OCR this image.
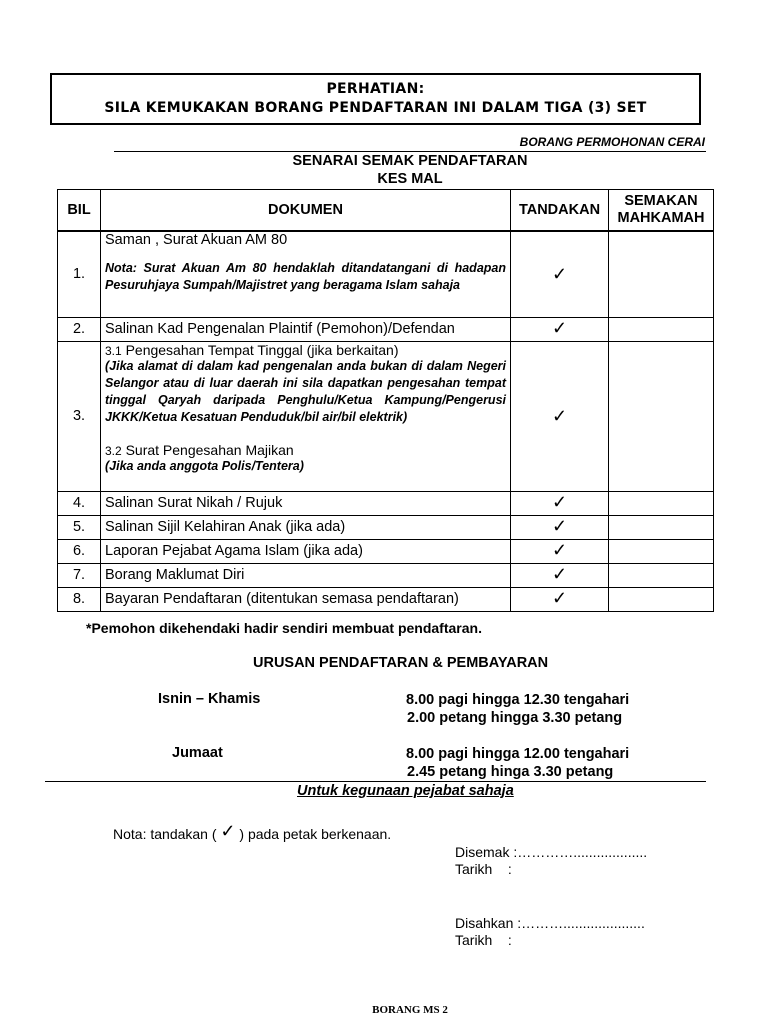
PERHATIAN:
SILA KEMUKAKAN BORANG PENDAFTARAN INI DALAM TIGA (3) SET
BORANG PERMOHONAN CERAI
SENARAI SEMAK PENDAFTARAN
KES MAL
BIL	DOKUMEN	TANDAKAN	SEMAKAN
MAHKAMAH

1.	Saman , Surat Akuan AM 80
Nota: Surat Akuan Am 80 hendaklah ditandatangani di hadapan Pesuruhjaya Sumpah/Majistret yang beragama Islam sahaja	✓	
2.	Salinan Kad Pengenalan Plaintif (Pemohon)/Defendan	✓	
3.	3.1 Pengesahan Tempat Tinggal (jika berkaitan)
(Jika alamat di dalam kad pengenalan anda bukan di dalam Negeri Selangor atau di luar daerah ini sila dapatkan pengesahan tempat tinggal Qaryah daripada Penghulu/Ketua Kampung/Pengerusi JKKK/Ketua Kesatuan Penduduk/bil air/bil elektrik)
3.2 Surat Pengesahan Majikan
(Jika anda anggota Polis/Tentera)	✓	
4.	Salinan Surat Nikah / Rujuk	✓	
5.	Salinan Sijil Kelahiran Anak (jika ada)	✓	
6.	Laporan Pejabat Agama Islam (jika ada)	✓	
7.	Borang Maklumat Diri	✓	
8.	Bayaran Pendaftaran (ditentukan semasa pendaftaran)	✓	
*Pemohon dikehendaki hadir sendiri membuat pendaftaran.
URUSAN PENDAFTARAN & PEMBAYARAN
Isnin – Khamis	8.00 pagi hingga 12.30 tengahari
2.00 petang hingga 3.30 petang
Jumaat	8.00 pagi hingga 12.00 tengahari
2.45 petang hinga 3.30 petang
Untuk kegunaan pejabat sahaja
Nota: tandakan ( ✓ ) pada petak berkenaan.
Disemak :…………...................
Tarikh    :
Disahkan :……….....................
Tarikh    :
BORANG MS 2
